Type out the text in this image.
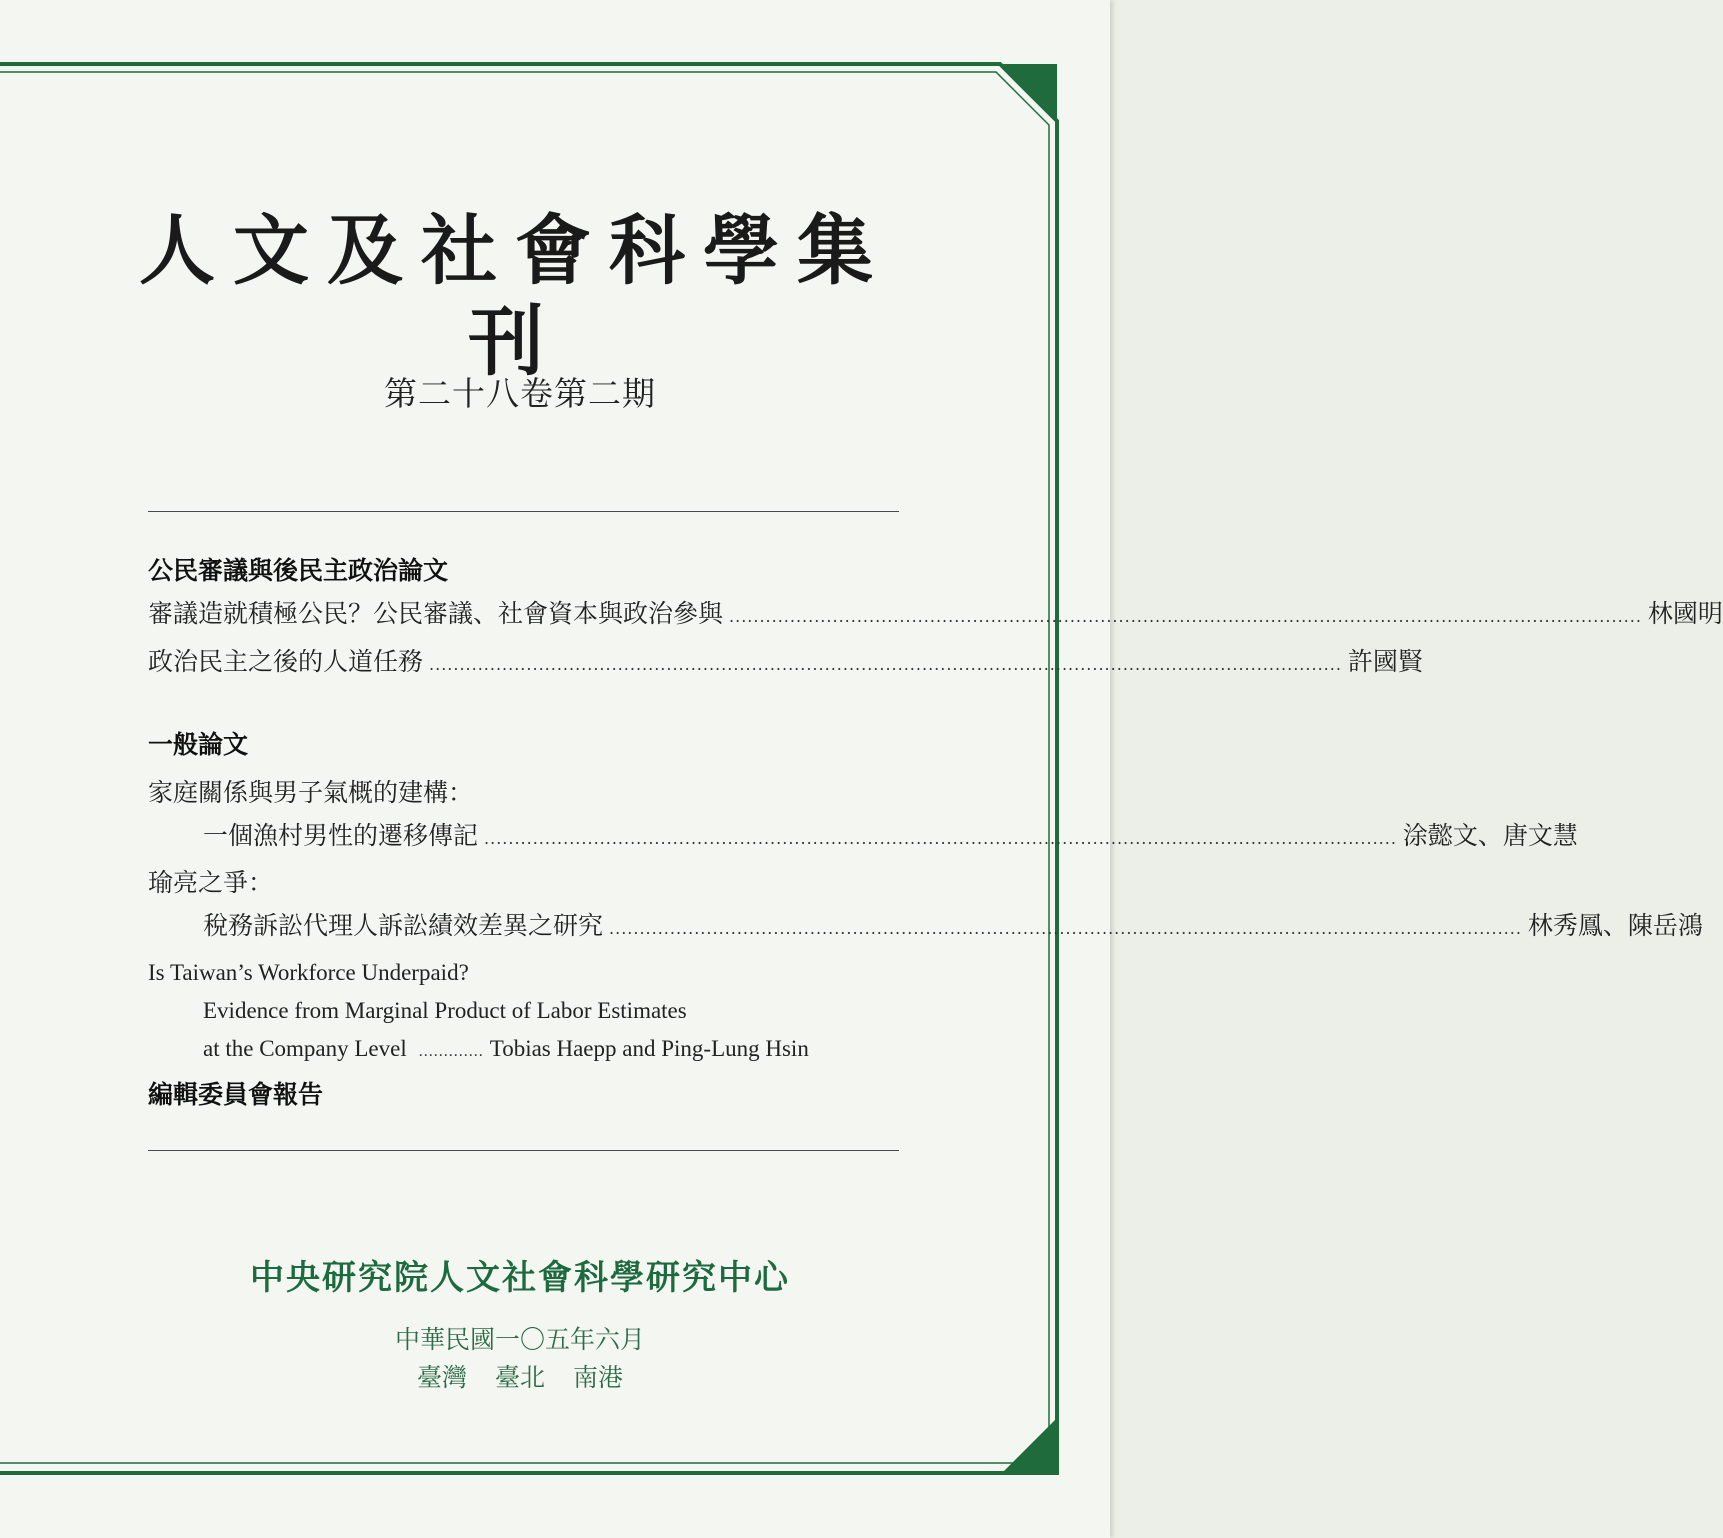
人文及社會科學集刊
第二十八卷第二期
公民審議與後民主政治論文
審議造就積極公民？公民審議、社會資本與政治參與 ...................................................................................................................................................... 林國明
政治民主之後的人道任務 ...................................................................................................................................................... 許國賢
一般論文
家庭關係與男子氣概的建構：
一個漁村男性的遷移傳記 ...................................................................................................................................................... 涂懿文、唐文慧
瑜亮之爭：
稅務訴訟代理人訴訟績效差異之研究 ...................................................................................................................................................... 林秀鳳、陳岳鴻
Is Taiwan’s Workforce Underpaid?
Evidence from Marginal Product of Labor Estimates
at the Company Level ............. Tobias Haepp and Ping-Lung Hsin
編輯委員會報告
中央研究院人文社會科學研究中心
中華民國一〇五年六月
臺灣 臺北 南港
